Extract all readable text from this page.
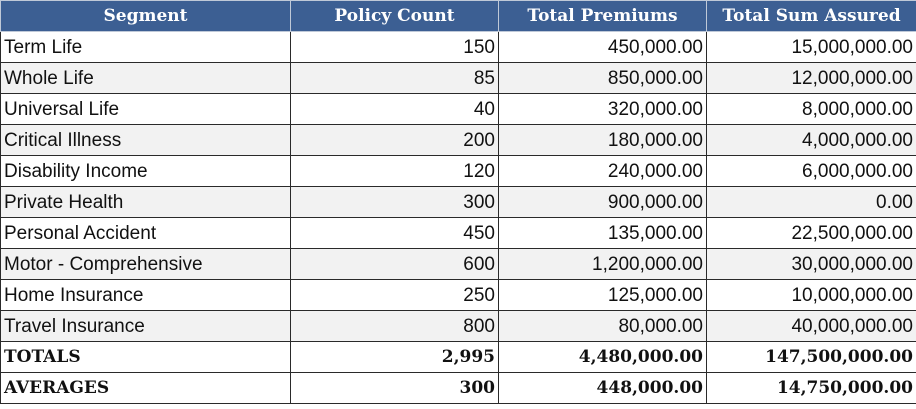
Segment	Policy Count	Total Premiums	Total Sum Assured
Term Life	150	450,000.00	15,000,000.00
Whole Life	85	850,000.00	12,000,000.00
Universal Life	40	320,000.00	8,000,000.00
Critical Illness	200	180,000.00	4,000,000.00
Disability Income	120	240,000.00	6,000,000.00
Private Health	300	900,000.00	0.00
Personal Accident	450	135,000.00	22,500,000.00
Motor - Comprehensive	600	1,200,000.00	30,000,000.00
Home Insurance	250	125,000.00	10,000,000.00
Travel Insurance	800	80,000.00	40,000,000.00
TOTALS	2,995	4,480,000.00	147,500,000.00
AVERAGES	300	448,000.00	14,750,000.00
